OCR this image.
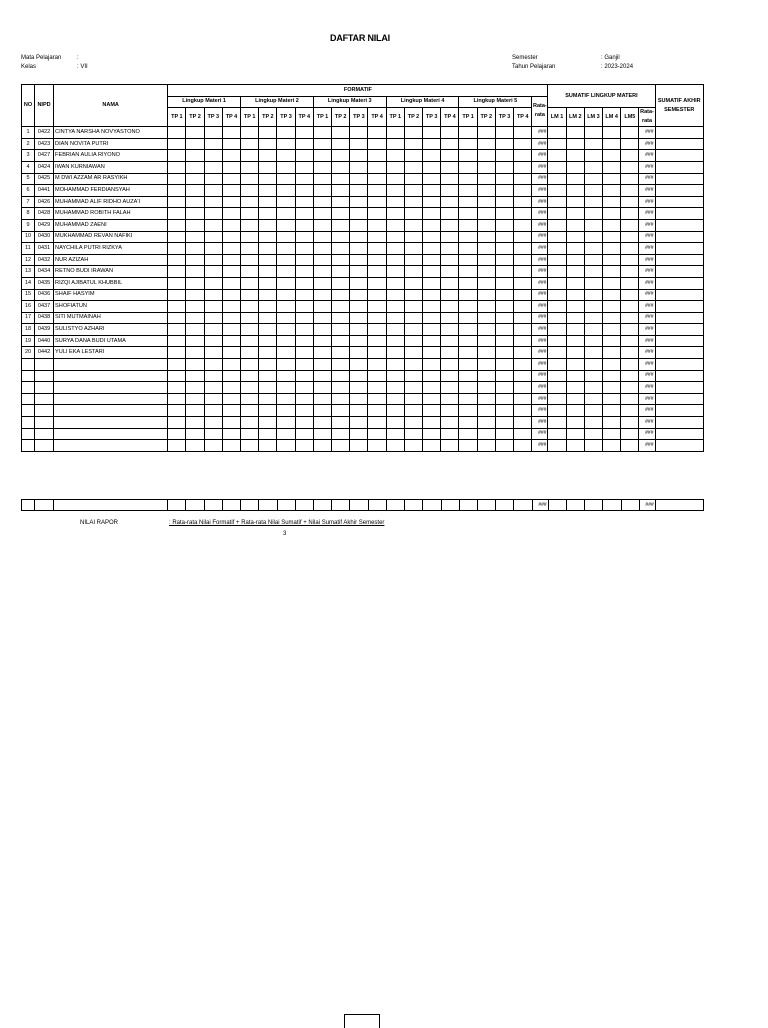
DAFTAR NILAI
Mata Pelajaran	:
Kelas	: VII
Semester	: Ganjil
Tahun Pelajaran	: 2023-2024
NO	NIPD	NAMA	FORMATIF																					SUMATIF LINGKUP MATERI						SUMATIF AKHIR SEMESTER
			Lingkup Materi 1				Lingkup Materi 2				Lingkup Materi 3				Lingkup Materi 4				Lingkup Materi 5				Rata-rata							
			TP 1	TP 2	TP 3	TP 4	TP 1	TP 2	TP 3	TP 4	TP 1	TP 2	TP 3	TP 4	TP 1	TP 2	TP 3	TP 4	TP 1	TP 2	TP 3	TP 4		LM 1	LM 2	LM 3	LM 4	LM5	Rata-rata	
1	0422	CINTYA NARSHA NOVYASTONO																					###						###	
2	0423	DIAN NOVITA PUTRI																					###						###	
3	0427	FEBRIAN AULIA RIYONO																					###						###	
4	0424	IWAN KURNIAWAN																					###						###	
5	0425	M DWI AZZAM AR RASYIKH																					###						###	
6	0441	MOHAMMAD FERDIANSYAH																					###						###	
7	0426	MUHAMMAD ALIF RIDHO AUZA'I																					###						###	
8	0428	MUHAMMAD ROBITH FALAH																					###						###	
9	0429	MUHAMMAD ZAENI																					###						###	
10	0430	MUKHAMMAD REVAN NAFIKI																					###						###	
11	0431	NAYCHILA PUTRI RIZKYA																					###						###	
12	0432	NUR AZIZAH																					###						###	
13	0434	RETNO BUDI IRAWAN																					###						###	
14	0435	RIZQI AJIBATUL KHUBBIL																					###						###	
15	0436	SHAIF HASYIM																					###						###	
16	0437	SHOFIATUN																					###						###	
17	0438	SITI MUTMAINAH																					###						###	
18	0439	SULISTYO AZHARI																					###						###	
19	0440	SURYA DANA BUDI UTAMA																					###						###	
20	0442	YULI EKA LESTARI																					###						###	
																							###						###	
																							###						###	
																							###						###	
																							###						###	
																							###						###	
																							###						###	
																							###						###	
																							###						###	
																							###						###	
NILAI RAPOR	: Rata-rata Nilai Formatif + Rata-rata Nilai Sumatif + Nilai Sumatif Akhir Semester
3
